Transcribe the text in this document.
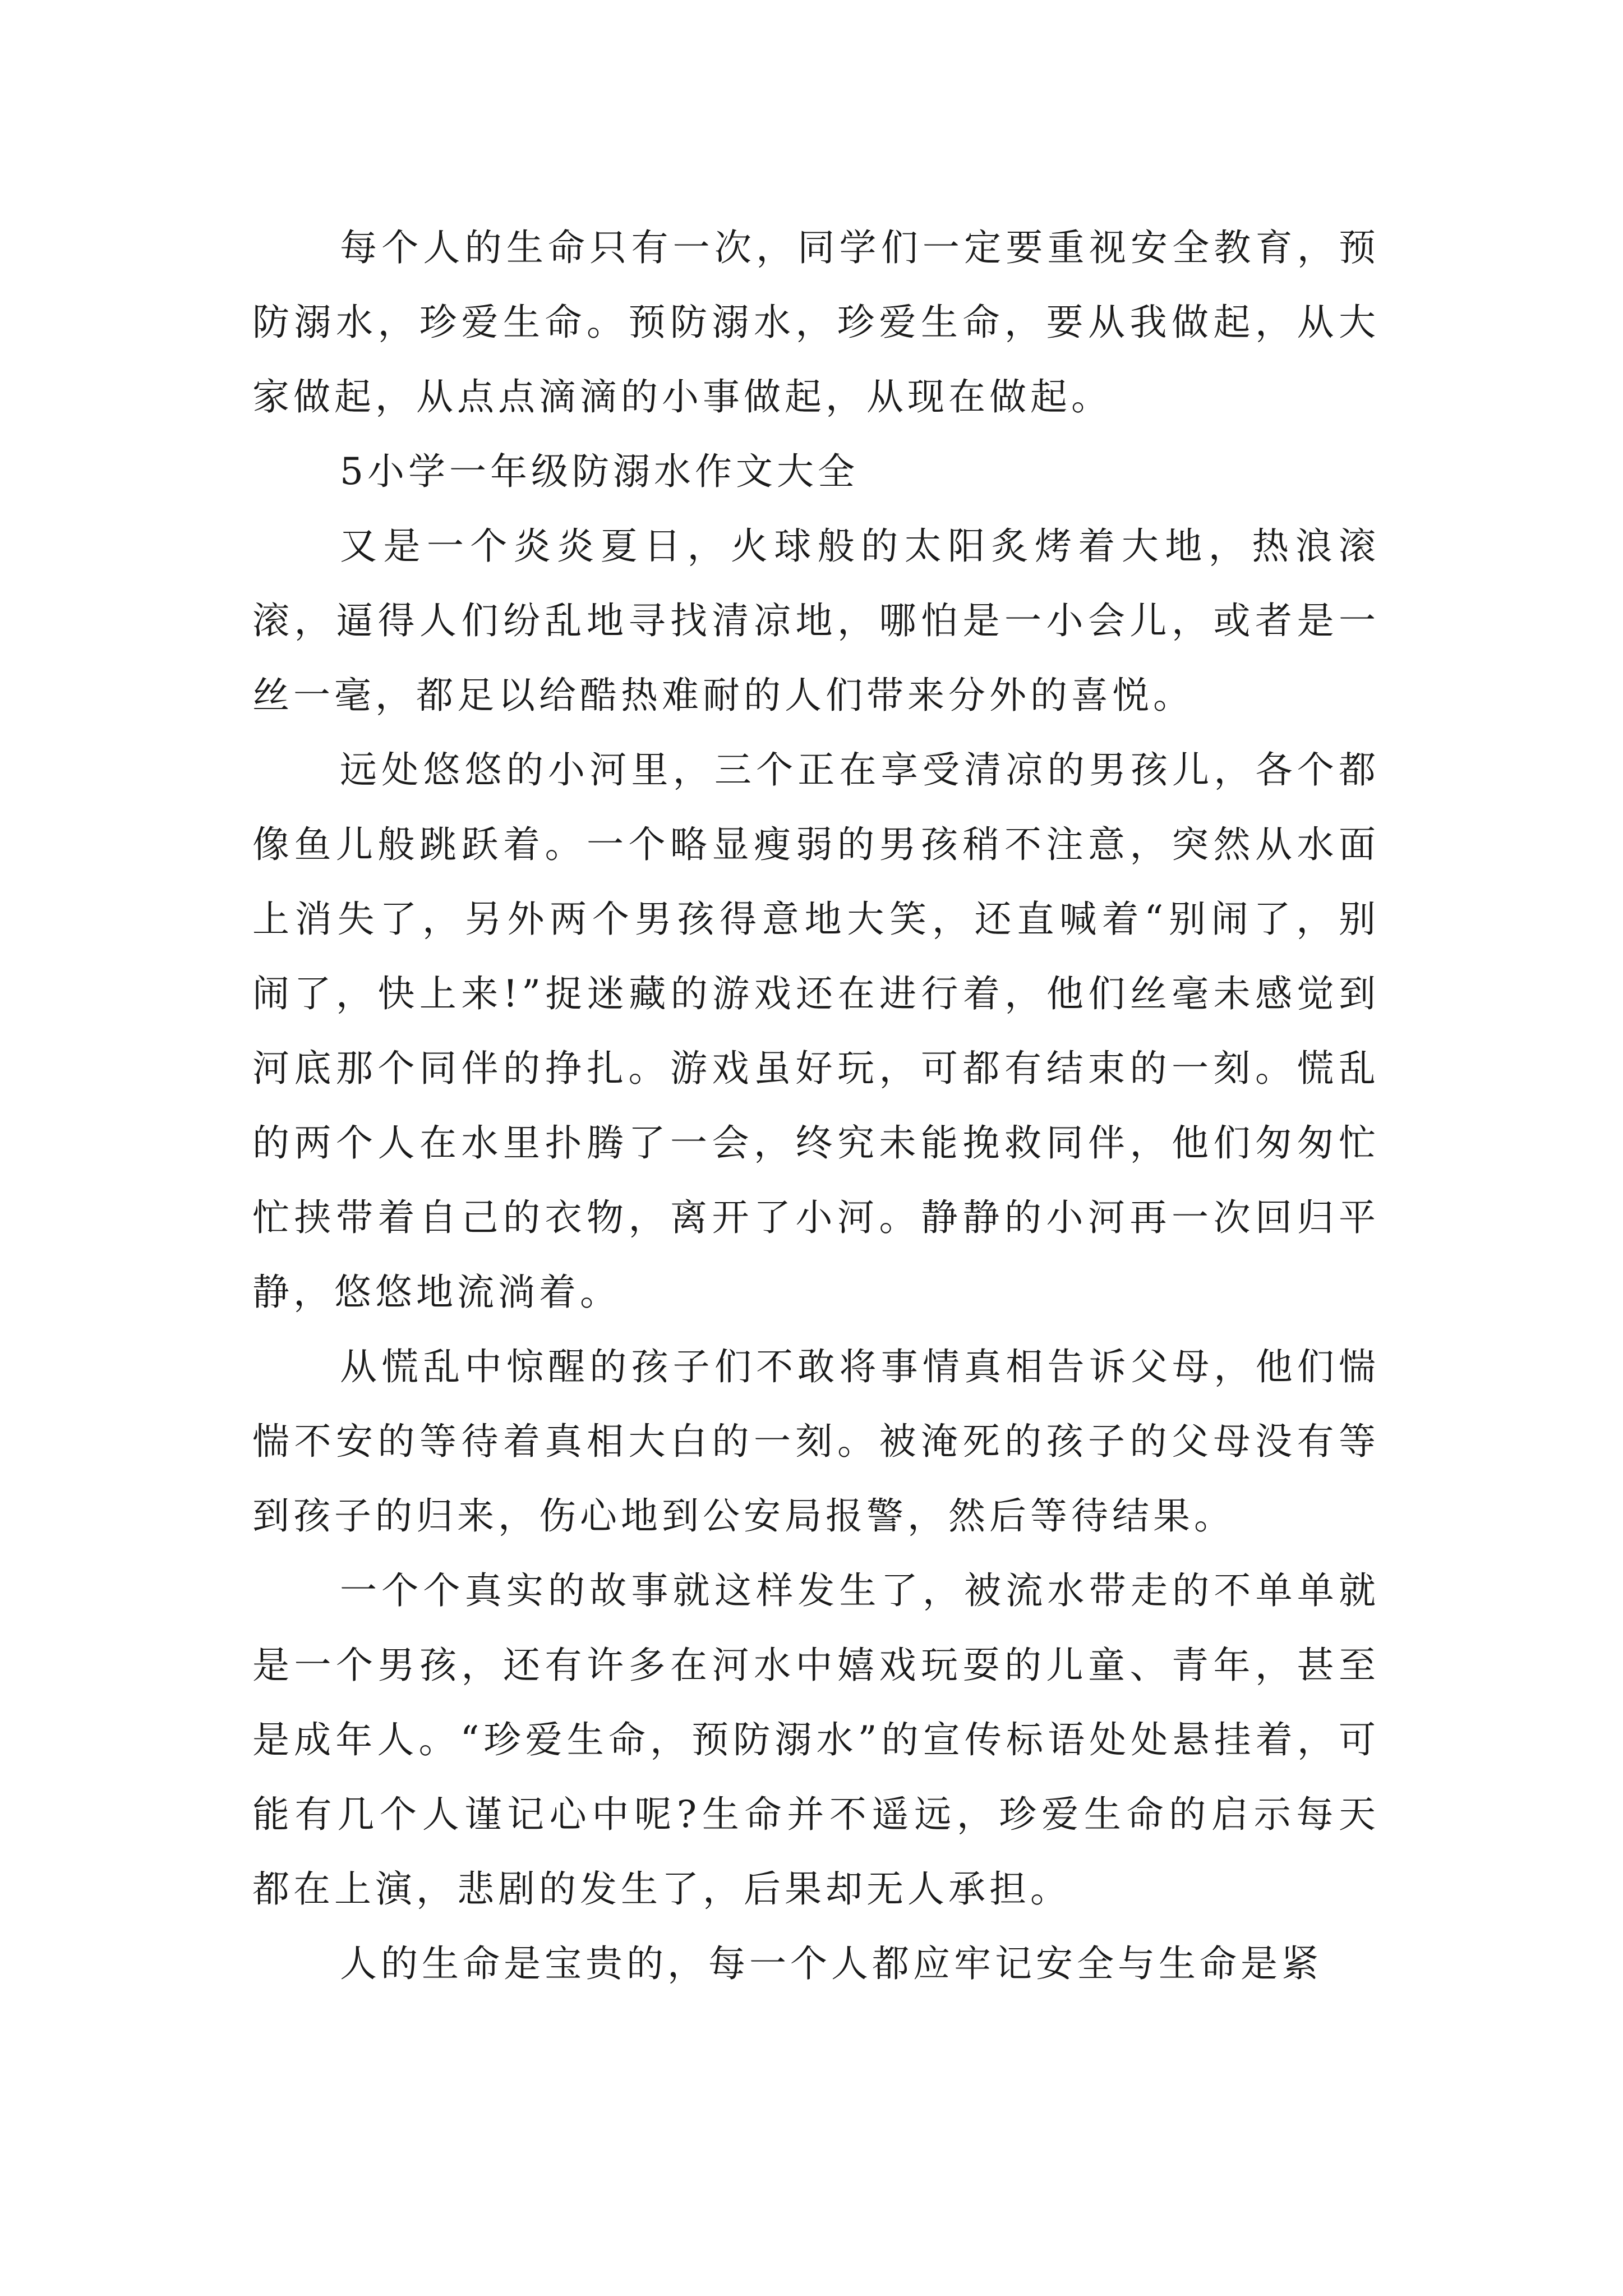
每个人的生命只有一次，同学们一定要重视安全教育，预防溺水，珍爱生命。预防溺水，珍爱生命，要从我做起，从大家做起，从点点滴滴的小事做起，从现在做起。

5小学一年级防溺水作文大全

又是一个炎炎夏日，火球般的太阳炙烤着大地，热浪滚滚，逼得人们纷乱地寻找清凉地，哪怕是一小会儿，或者是一丝一毫，都足以给酷热难耐的人们带来分外的喜悦。

远处悠悠的小河里，三个正在享受清凉的男孩儿，各个都像鱼儿般跳跃着。一个略显瘦弱的男孩稍不注意，突然从水面上消失了，另外两个男孩得意地大笑，还直喊着“别闹了，别闹了，快上来!”捉迷藏的游戏还在进行着，他们丝毫未感觉到河底那个同伴的挣扎。游戏虽好玩，可都有结束的一刻。慌乱的两个人在水里扑腾了一会，终究未能挽救同伴，他们匆匆忙忙挟带着自己的衣物，离开了小河。静静的小河再一次回归平静，悠悠地流淌着。

从慌乱中惊醒的孩子们不敢将事情真相告诉父母，他们惴惴不安的等待着真相大白的一刻。被淹死的孩子的父母没有等到孩子的归来，伤心地到公安局报警，然后等待结果。

一个个真实的故事就这样发生了，被流水带走的不单单就是一个男孩，还有许多在河水中嬉戏玩耍的儿童、青年，甚至是成年人。“珍爱生命，预防溺水”的宣传标语处处悬挂着，可能有几个人谨记心中呢?生命并不遥远，珍爱生命的启示每天都在上演，悲剧的发生了，后果却无人承担。

人的生命是宝贵的，每一个人都应牢记安全与生命是紧
